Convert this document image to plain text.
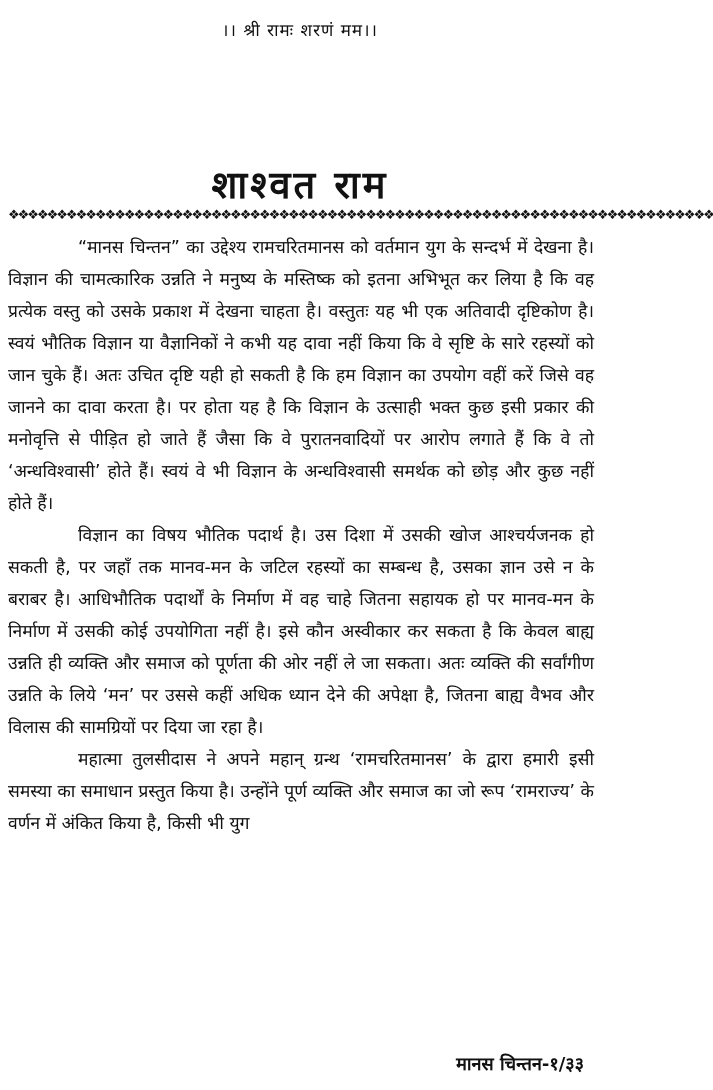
।। श्री रामः शरणं मम।।
शाश्वत राम
❖❖❖❖❖❖❖❖❖❖❖❖❖❖❖❖❖❖❖❖❖❖❖❖❖❖❖❖❖❖❖❖❖❖❖❖❖❖❖❖❖❖❖❖❖❖❖❖❖❖❖❖❖❖❖❖❖❖❖❖❖❖❖❖❖❖❖❖❖❖❖❖❖

“मानस चिन्तन” का उद्देश्य रामचरितमानस को वर्तमान युग के सन्दर्भ में देखना है। विज्ञान की चामत्कारिक उन्नति ने मनुष्य के मस्तिष्क को इतना अभिभूत कर लिया है कि वह प्रत्येक वस्तु को उसके प्रकाश में देखना चाहता है। वस्तुतः यह भी एक अतिवादी दृष्टिकोण है। स्वयं भौतिक विज्ञान या वैज्ञानिकों ने कभी यह दावा नहीं किया कि वे सृष्टि के सारे रहस्यों को जान चुके हैं। अतः उचित दृष्टि यही हो सकती है कि हम विज्ञान का उपयोग वहीं करें जिसे वह जानने का दावा करता है। पर होता यह है कि विज्ञान के उत्साही भक्त कुछ इसी प्रकार की मनोवृत्ति से पीड़ित हो जाते हैं जैसा कि वे पुरातनवादियों पर आरोप लगाते हैं कि वे तो ‘अन्धविश्वासी’ होते हैं। स्वयं वे भी विज्ञान के अन्धविश्वासी समर्थक को छोड़ और कुछ नहीं होते हैं।

विज्ञान का विषय भौतिक पदार्थ है। उस दिशा में उसकी खोज आश्चर्यजनक हो सकती है, पर जहाँ तक मानव-मन के जटिल रहस्यों का सम्बन्ध है, उसका ज्ञान उसे न के बराबर है। आधिभौतिक पदार्थों के निर्माण में वह चाहे जितना सहायक हो पर मानव-मन के निर्माण में उसकी कोई उपयोगिता नहीं है। इसे कौन अस्वीकार कर सकता है कि केवल बाह्य उन्नति ही व्यक्ति और समाज को पूर्णता की ओर नहीं ले जा सकता। अतः व्यक्ति की सर्वांगीण उन्नति के लिये ‘मन’ पर उससे कहीं अधिक ध्यान देने की अपेक्षा है, जितना बाह्य वैभव और विलास की सामग्रियों पर दिया जा रहा है।

महात्मा तुलसीदास ने अपने महान् ग्रन्थ ‘रामचरितमानस’ के द्वारा हमारी इसी समस्या का समाधान प्रस्तुत किया है। उन्होंने पूर्ण व्यक्ति और समाज का जो रूप ‘रामराज्य’ के वर्णन में अंकित किया है, किसी भी युग

मानस चिन्तन-१/३३
